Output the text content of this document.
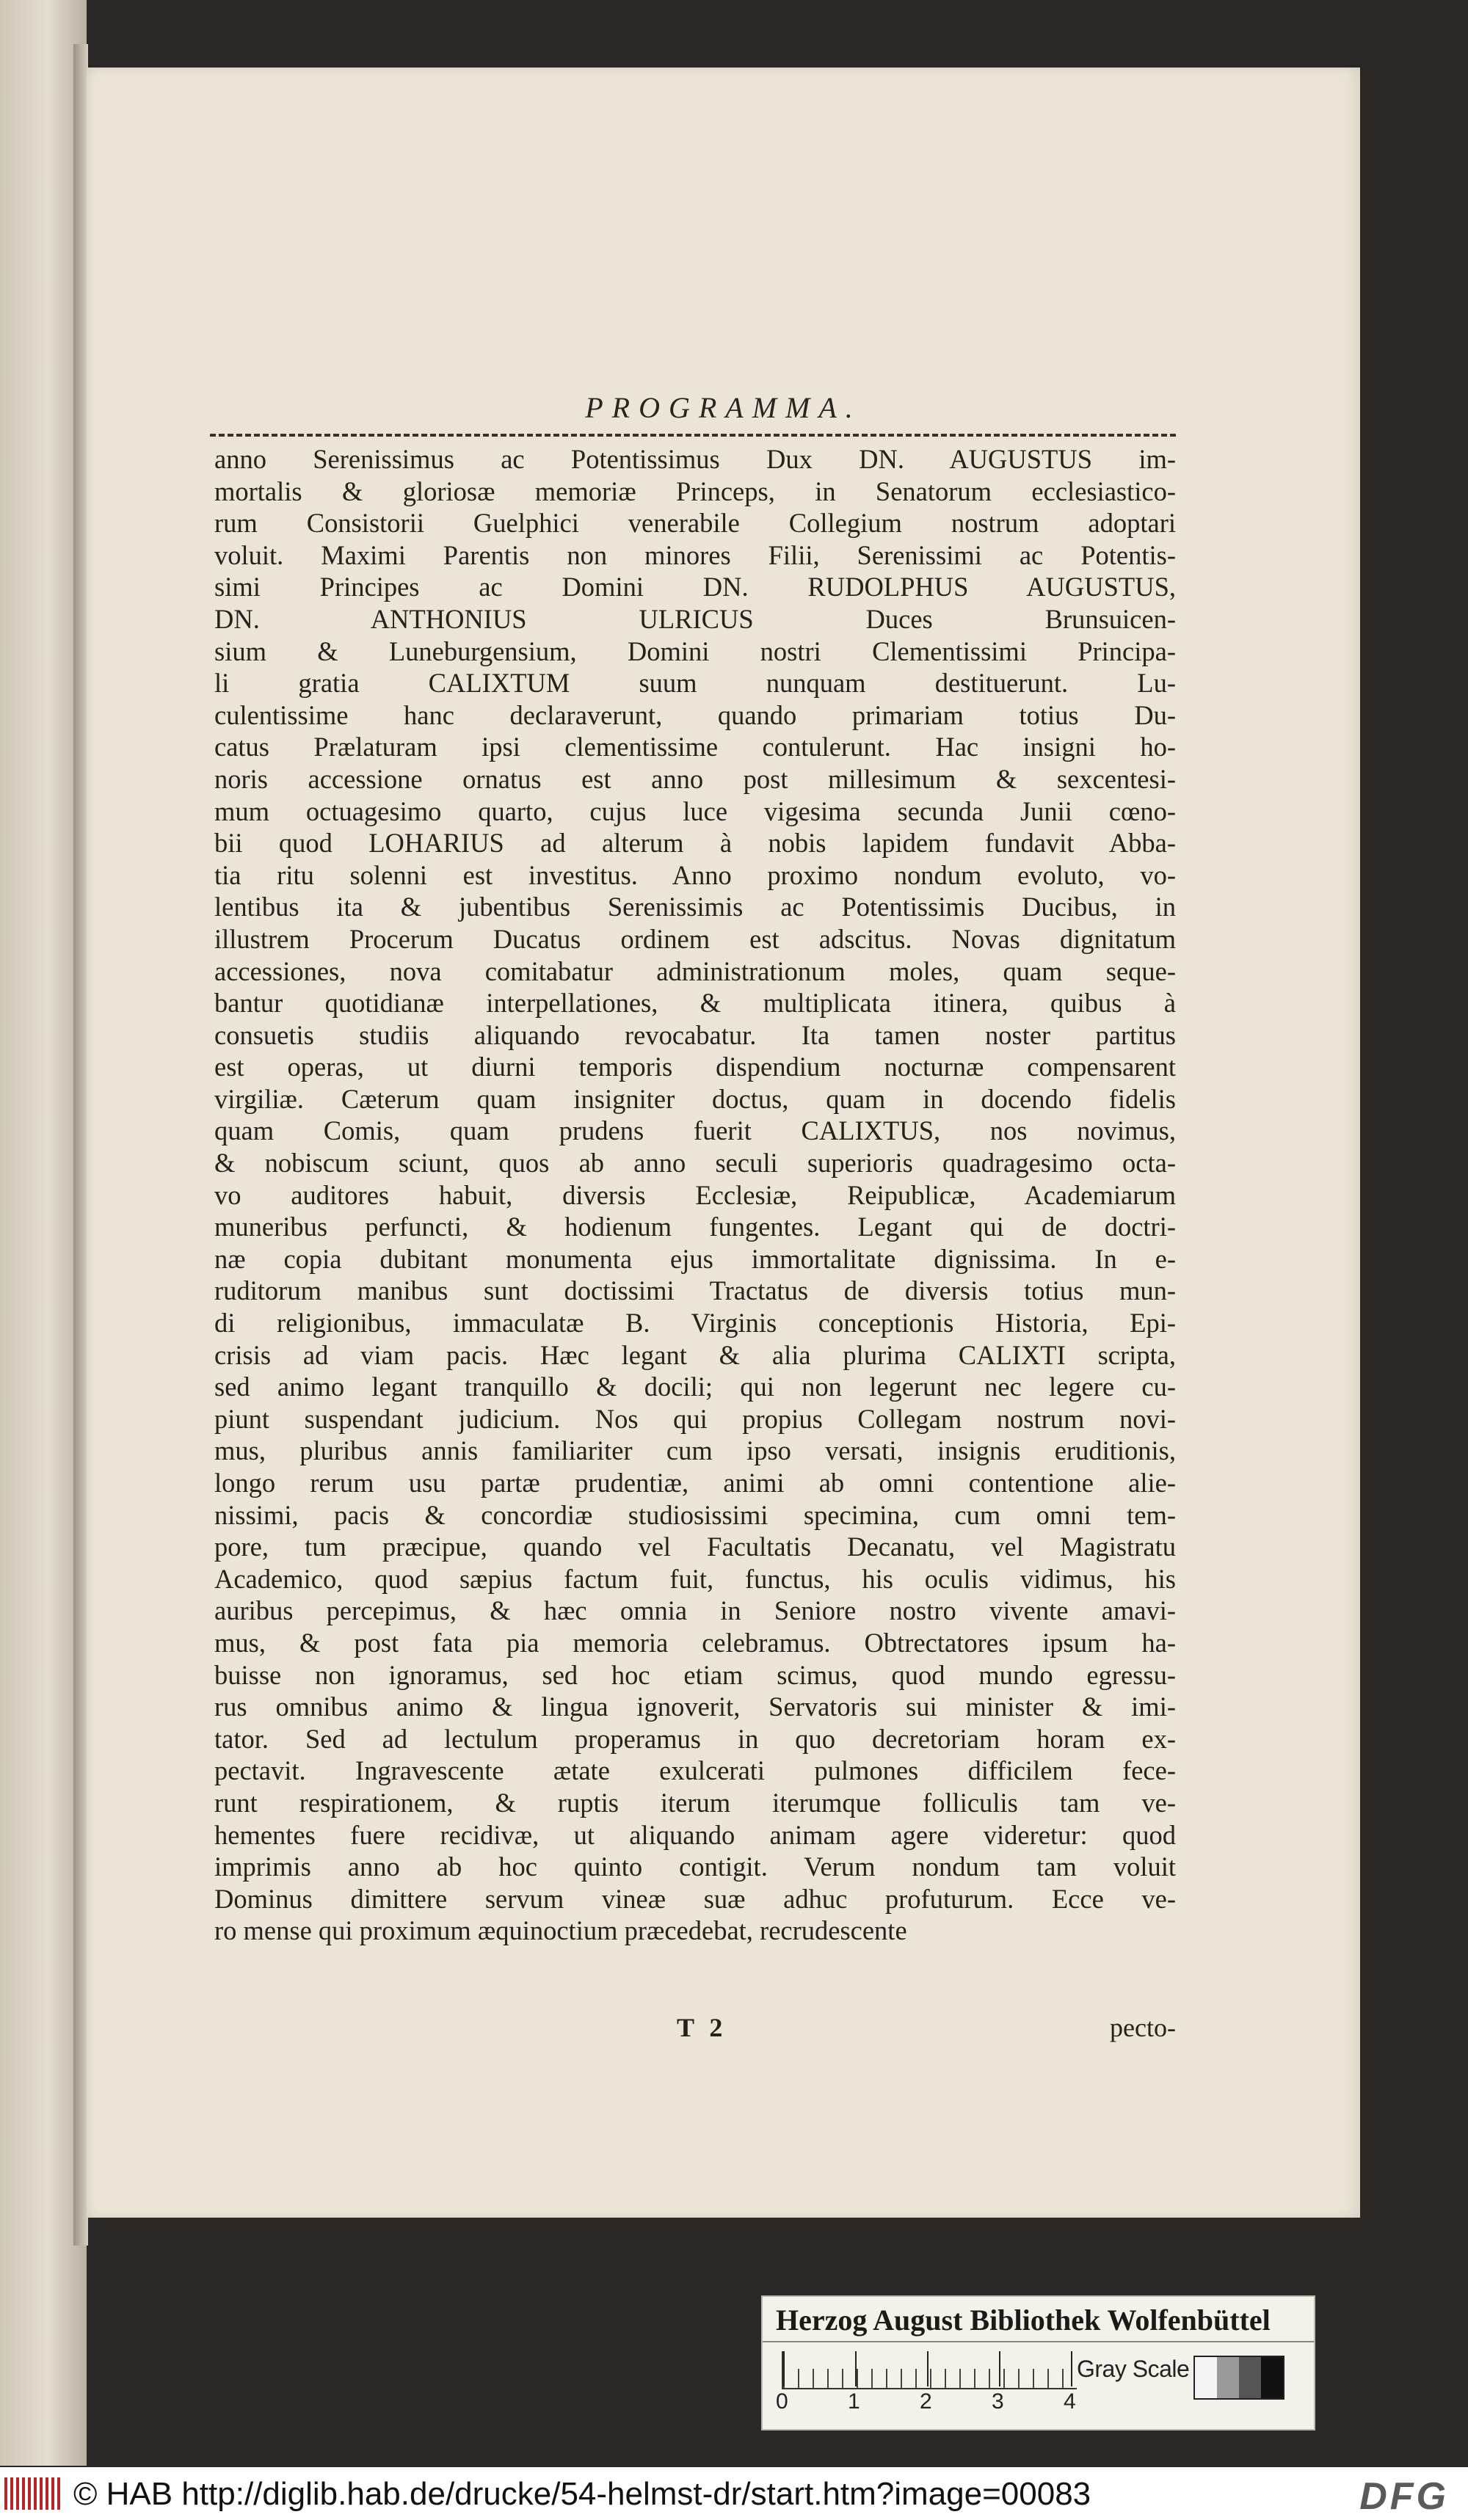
PROGRAMMA.
anno Serenissimus ac Potentissimus Dux DN. AUGUSTUS im-
mortalis & gloriosæ memoriæ Princeps, in Senatorum ecclesiastico-
rum Consistorii Guelphici venerabile Collegium nostrum adoptari
voluit. Maximi Parentis non minores Filii, Serenissimi ac Potentis-
simi Principes ac Domini DN. RUDOLPHUS AUGUSTUS,
DN. ANTHONIUS ULRICUS Duces Brunsuicen-
sium & Luneburgensium, Domini nostri Clementissimi Principa-
li gratia CALIXTUM suum nunquam destituerunt. Lu-
culentissime hanc declaraverunt, quando primariam totius Du-
catus Prælaturam ipsi clementissime contulerunt. Hac insigni ho-
noris accessione ornatus est anno post millesimum & sexcentesi-
mum octuagesimo quarto, cujus luce vigesima secunda Junii cœno-
bii quod LOHARIUS ad alterum à nobis lapidem fundavit Abba-
tia ritu solenni est investitus. Anno proximo nondum evoluto, vo-
lentibus ita & jubentibus Serenissimis ac Potentissimis Ducibus, in
illustrem Procerum Ducatus ordinem est adscitus. Novas dignitatum
accessiones, nova comitabatur administrationum moles, quam seque-
bantur quotidianæ interpellationes, & multiplicata itinera, quibus à
consuetis studiis aliquando revocabatur. Ita tamen noster partitus
est operas, ut diurni temporis dispendium nocturnæ compensarent
virgiliæ. Cæterum quam insigniter doctus, quam in docendo fidelis
quam Comis, quam prudens fuerit CALIXTUS, nos novimus,
& nobiscum sciunt, quos ab anno seculi superioris quadragesimo octa-
vo auditores habuit, diversis Ecclesiæ, Reipublicæ, Academiarum
muneribus perfuncti, & hodienum fungentes. Legant qui de doctri-
næ copia dubitant monumenta ejus immortalitate dignissima. In e-
ruditorum manibus sunt doctissimi Tractatus de diversis totius mun-
di religionibus, immaculatæ B. Virginis conceptionis Historia, Epi-
crisis ad viam pacis. Hæc legant & alia plurima CALIXTI scripta,
sed animo legant tranquillo & docili; qui non legerunt nec legere cu-
piunt suspendant judicium. Nos qui propius Collegam nostrum novi-
mus, pluribus annis familiariter cum ipso versati, insignis eruditionis,
longo rerum usu partæ prudentiæ, animi ab omni contentione alie-
nissimi, pacis & concordiæ studiosissimi specimina, cum omni tem-
pore, tum præcipue, quando vel Facultatis Decanatu, vel Magistratu
Academico, quod sæpius factum fuit, functus, his oculis vidimus, his
auribus percepimus, & hæc omnia in Seniore nostro vivente amavi-
mus, & post fata pia memoria celebramus. Obtrectatores ipsum ha-
buisse non ignoramus, sed hoc etiam scimus, quod mundo egressu-
rus omnibus animo & lingua ignoverit, Servatoris sui minister & imi-
tator. Sed ad lectulum properamus in quo decretoriam horam ex-
pectavit. Ingravescente ætate exulcerati pulmones difficilem fece-
runt respirationem, & ruptis iterum iterumque folliculis tam ve-
hementes fuere recidivæ, ut aliquando animam agere videretur: quod
imprimis anno ab hoc quinto contigit. Verum nondum tam voluit
Dominus dimittere servum vineæ suæ adhuc profuturum. Ecce ve-
ro mense qui proximum æquinoctium præcedebat, recrudescente
T 2	pecto-
Herzog August Bibliothek Wolfenbüttel
0	1	2	3	4
Gray Scale
© HAB http://diglib.hab.de/drucke/54-helmst-dr/start.htm?image=00083	DFG
